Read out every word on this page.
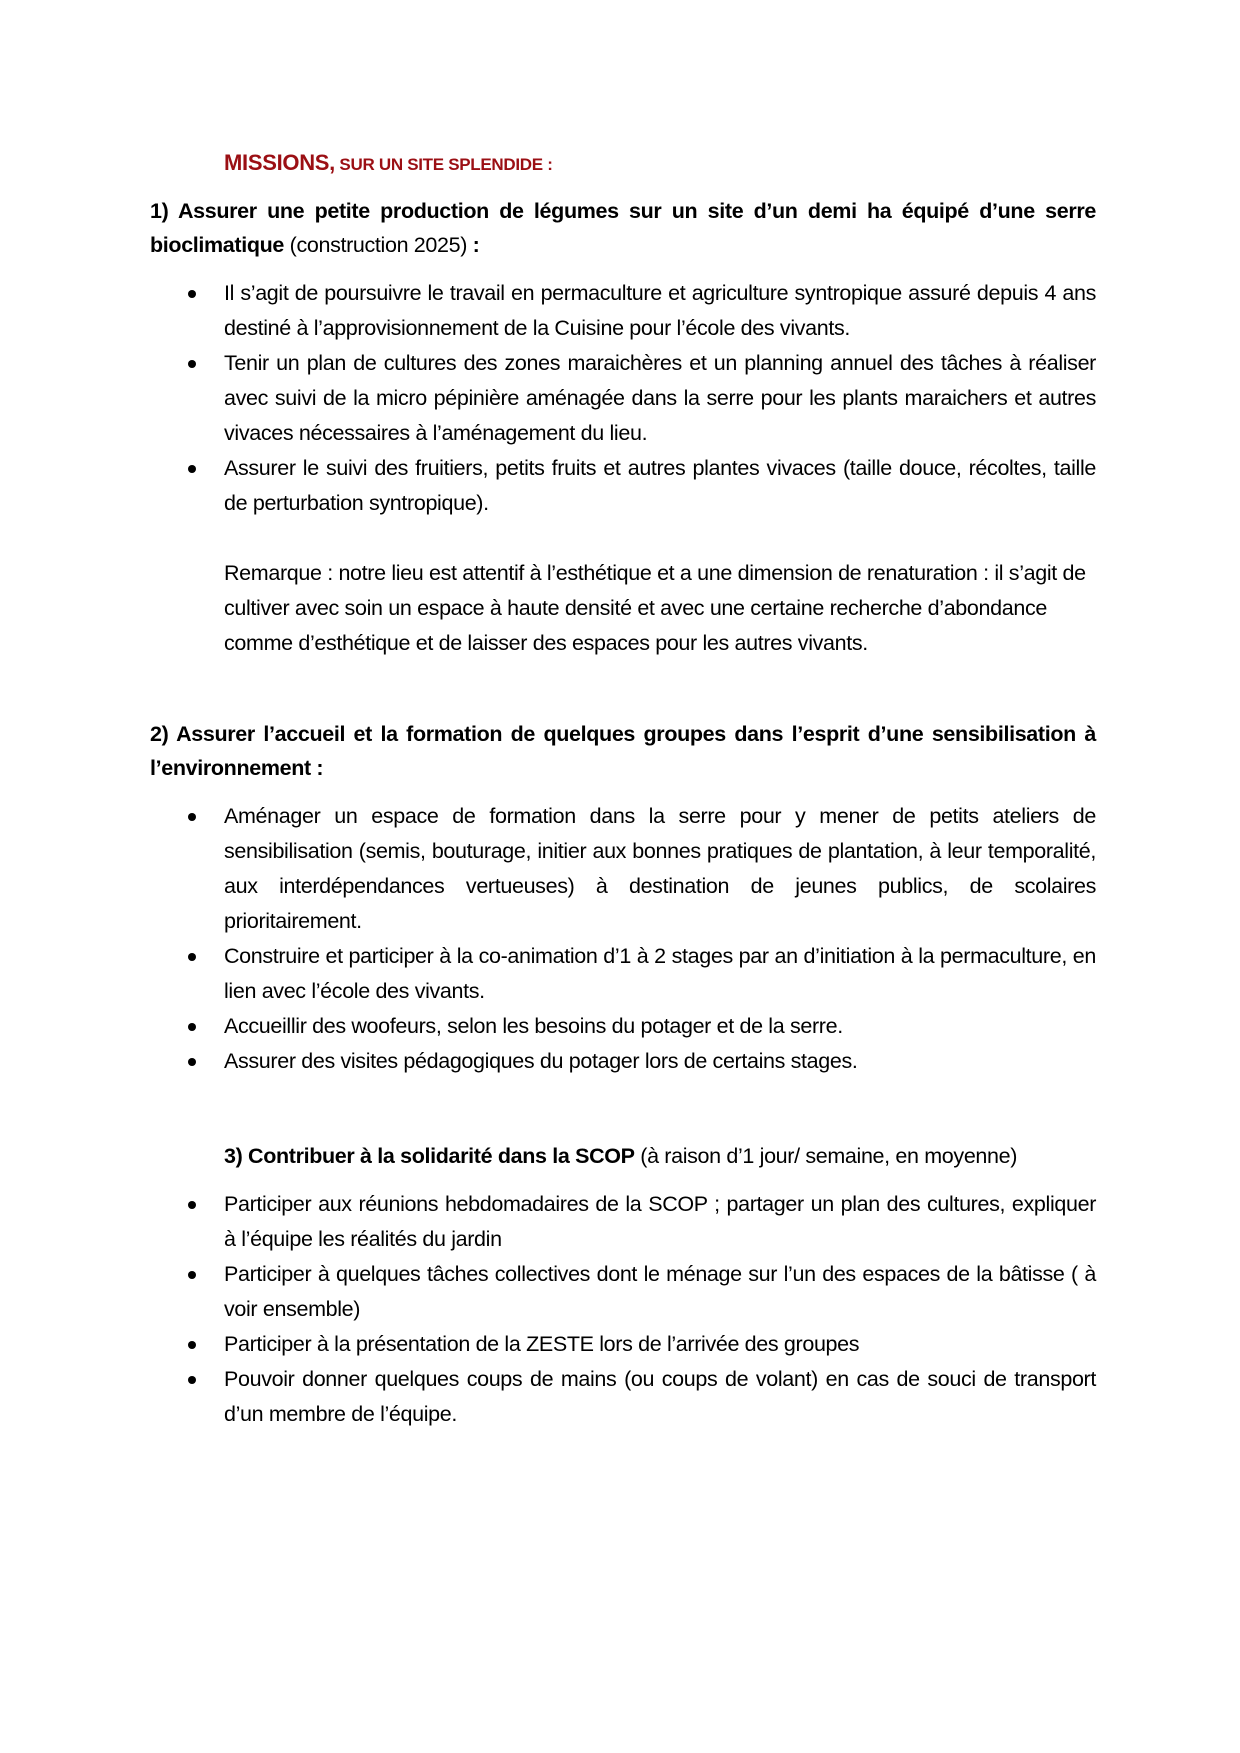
MISSIONS, SUR UN SITE SPLENDIDE :

1) Assurer une petite production de légumes sur un site d’un demi ha équipé d’une serre bioclimatique (construction 2025) :

Il s’agit de poursuivre le travail en permaculture et agriculture syntropique assuré depuis 4 ans destiné à l’approvisionnement de la Cuisine pour l’école des vivants.
Tenir un plan de cultures des zones maraichères et un planning annuel des tâches à réaliser avec suivi de la micro pépinière aménagée dans la serre pour les plants maraichers et autres vivaces nécessaires à l’aménagement du lieu.
Assurer le suivi des fruitiers, petits fruits et autres plantes vivaces (taille douce, récoltes, taille de perturbation syntropique).

Remarque : notre lieu est attentif à l’esthétique et a une dimension de renaturation : il s’agit de cultiver avec soin un espace à haute densité et avec une certaine recherche d’abondance comme d’esthétique et de laisser des espaces pour les autres vivants.

2) Assurer l’accueil et la formation de quelques groupes dans l’esprit d’une sensibilisation à l’environnement :

Aménager un espace de formation dans la serre pour y mener de petits ateliers de sensibilisation (semis, bouturage, initier aux bonnes pratiques de plantation, à leur temporalité, aux interdépendances vertueuses) à destination de jeunes publics, de scolaires prioritairement.
Construire et participer à la co-animation d’1 à 2 stages par an d’initiation à la permaculture, en lien avec l’école des vivants.
Accueillir des woofeurs, selon les besoins du potager et de la serre.
Assurer des visites pédagogiques du potager lors de certains stages.

3) Contribuer à la solidarité dans la SCOP (à raison d’1 jour/ semaine, en moyenne)

Participer aux réunions hebdomadaires de la SCOP ; partager un plan des cultures, expliquer à l’équipe les réalités du jardin
Participer à quelques tâches collectives dont le ménage sur l’un des espaces de la bâtisse ( à voir ensemble)
Participer à la présentation de la ZESTE lors de l’arrivée des groupes
Pouvoir donner quelques coups de mains (ou coups de volant) en cas de souci de transport d’un membre de l’équipe.
